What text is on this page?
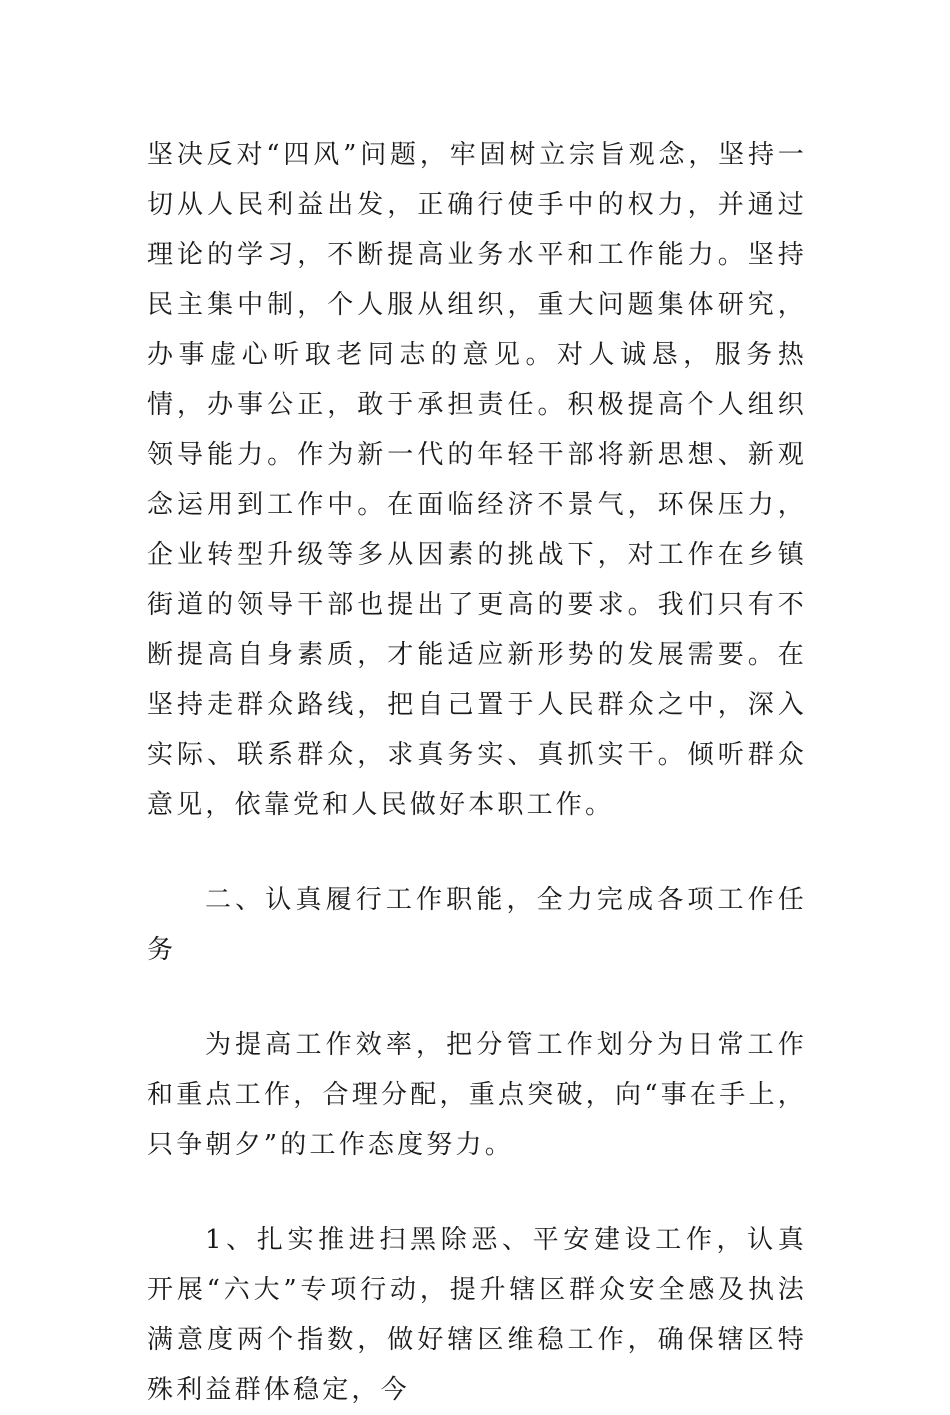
坚决反对“四风”问题，牢固树立宗旨观念，坚持一切从人民利益出发，正确行使手中的权力，并通过理论的学习，不断提高业务水平和工作能力。坚持民主集中制，个人服从组织，重大问题集体研究，办事虚心听取老同志的意见。对人诚恳，服务热情，办事公正，敢于承担责任。积极提高个人组织领导能力。作为新一代的年轻干部将新思想、新观念运用到工作中。在面临经济不景气，环保压力，企业转型升级等多从因素的挑战下，对工作在乡镇街道的领导干部也提出了更高的要求。我们只有不断提高自身素质，才能适应新形势的发展需要。在坚持走群众路线，把自己置于人民群众之中，深入实际、联系群众，求真务实、真抓实干。倾听群众意见，依靠党和人民做好本职工作。

二、认真履行工作职能，全力完成各项工作任务

为提高工作效率，把分管工作划分为日常工作和重点工作，合理分配，重点突破，向“事在手上，只争朝夕”的工作态度努力。

1、扎实推进扫黑除恶、平安建设工作，认真开展“六大”专项行动，提升辖区群众安全感及执法满意度两个指数，做好辖区维稳工作，确保辖区特殊利益群体稳定，今
